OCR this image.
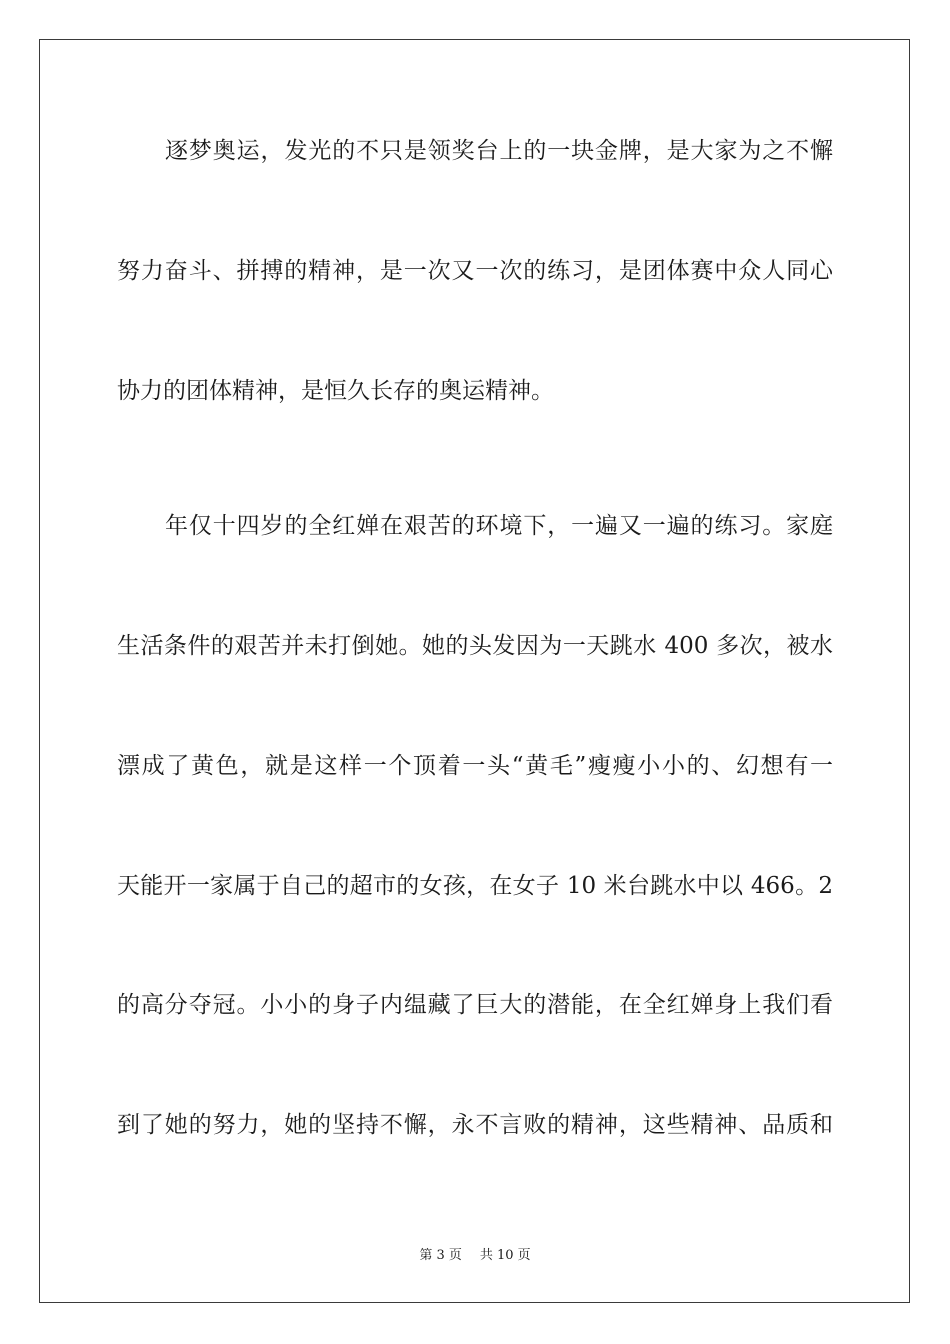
逐梦奥运，发光的不只是领奖台上的一块金牌，是大家为之不懈
努力奋斗、拼搏的精神，是一次又一次的练习，是团体赛中众人同心
协力的团体精神，是恒久长存的奥运精神。
年仅十四岁的全红婵在艰苦的环境下，一遍又一遍的练习。家庭
生活条件的艰苦并未打倒她。她的头发因为一天跳水 400 多次，被水
漂成了黄色，就是这样一个顶着一头“黄毛”瘦瘦小小的、幻想有一
天能开一家属于自己的超市的女孩，在女子 10 米台跳水中以 466。2
的高分夺冠。小小的身子内缊藏了巨大的潜能，在全红婵身上我们看
到了她的努力，她的坚持不懈，永不言败的精神，这些精神、品质和
第 3 页 共 10 页
